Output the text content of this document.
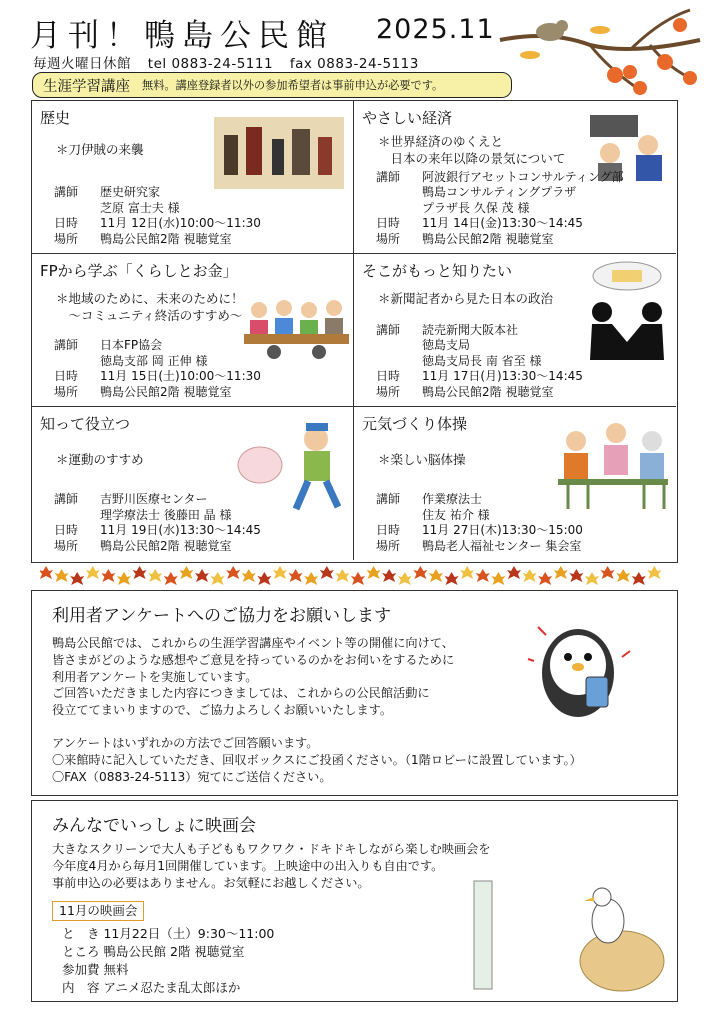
月刊！鴨島公民館 2025.11
毎週火曜日休館 tel 0883-24-5111 fax 0883-24-5113
生涯学習講座 無料。講座登録者以外の参加希望者は事前申込が必要です。
歴史
＊刀伊賊の来襲
講師	歴史研究家
芝原 富士夫 様
日時	11月 12日(水)10:00～11:30
場所	鴨島公民館2階 視聴覚室
やさしい経済
＊世界経済のゆくえと
　日本の来年以降の景気について
講師	阿波銀行アセットコンサルティング部
鴨島コンサルティングプラザ
プラザ長 久保 茂 様
日時	11月 14日(金)13:30～14:45
場所	鴨島公民館2階 視聴覚室
FPから学ぶ「くらしとお金」
＊地域のために、未来のために！
　～コミュニティ終活のすすめ～
講師	日本FP協会
徳島支部 岡 正伸 様
日時	11月 15日(土)10:00～11:30
場所	鴨島公民館2階 視聴覚室
そこがもっと知りたい
＊新聞記者から見た日本の政治
講師	読売新聞大阪本社
徳島支局
徳島支局長 南 省至 様
日時	11月 17日(月)13:30～14:45
場所	鴨島公民館2階 視聴覚室
知って役立つ
＊運動のすすめ
講師	吉野川医療センター
理学療法士 後藤田 晶 様
日時	11月 19日(水)13:30～14:45
場所	鴨島公民館2階 視聴覚室
元気づくり体操
＊楽しい脳体操
講師	作業療法士
住友 祐介 様
日時	11月 27日(木)13:30～15:00
場所	鴨島老人福祉センター 集会室
利用者アンケートへのご協力をお願いします
鴨島公民館では、これからの生涯学習講座やイベント等の開催に向けて、
皆さまがどのような感想やご意見を持っているのかをお伺いをするために
利用者アンケートを実施しています。
ご回答いただきました内容につきましては、これからの公民館活動に
役立ててまいりますので、ご協力よろしくお願いいたします。
アンケートはいずれかの方法でご回答願います。
〇来館時に記入していただき、回収ボックスにご投函ください。（1階ロビーに設置しています。）
〇FAX（0883-24-5113）宛てにご送信ください。
みんなでいっしょに映画会
大きなスクリーンで大人も子どももワクワク・ドキドキしながら楽しむ映画会を
今年度4月から毎月1回開催しています。上映途中の出入りも自由です。
事前申込の必要はありません。お気軽にお越しください。
11月の映画会
と　き 11月22日（土）9:30～11:00
ところ 鴨島公民館 2階 視聴覚室
参加費 無料
内　容 アニメ忍たま乱太郎ほか
